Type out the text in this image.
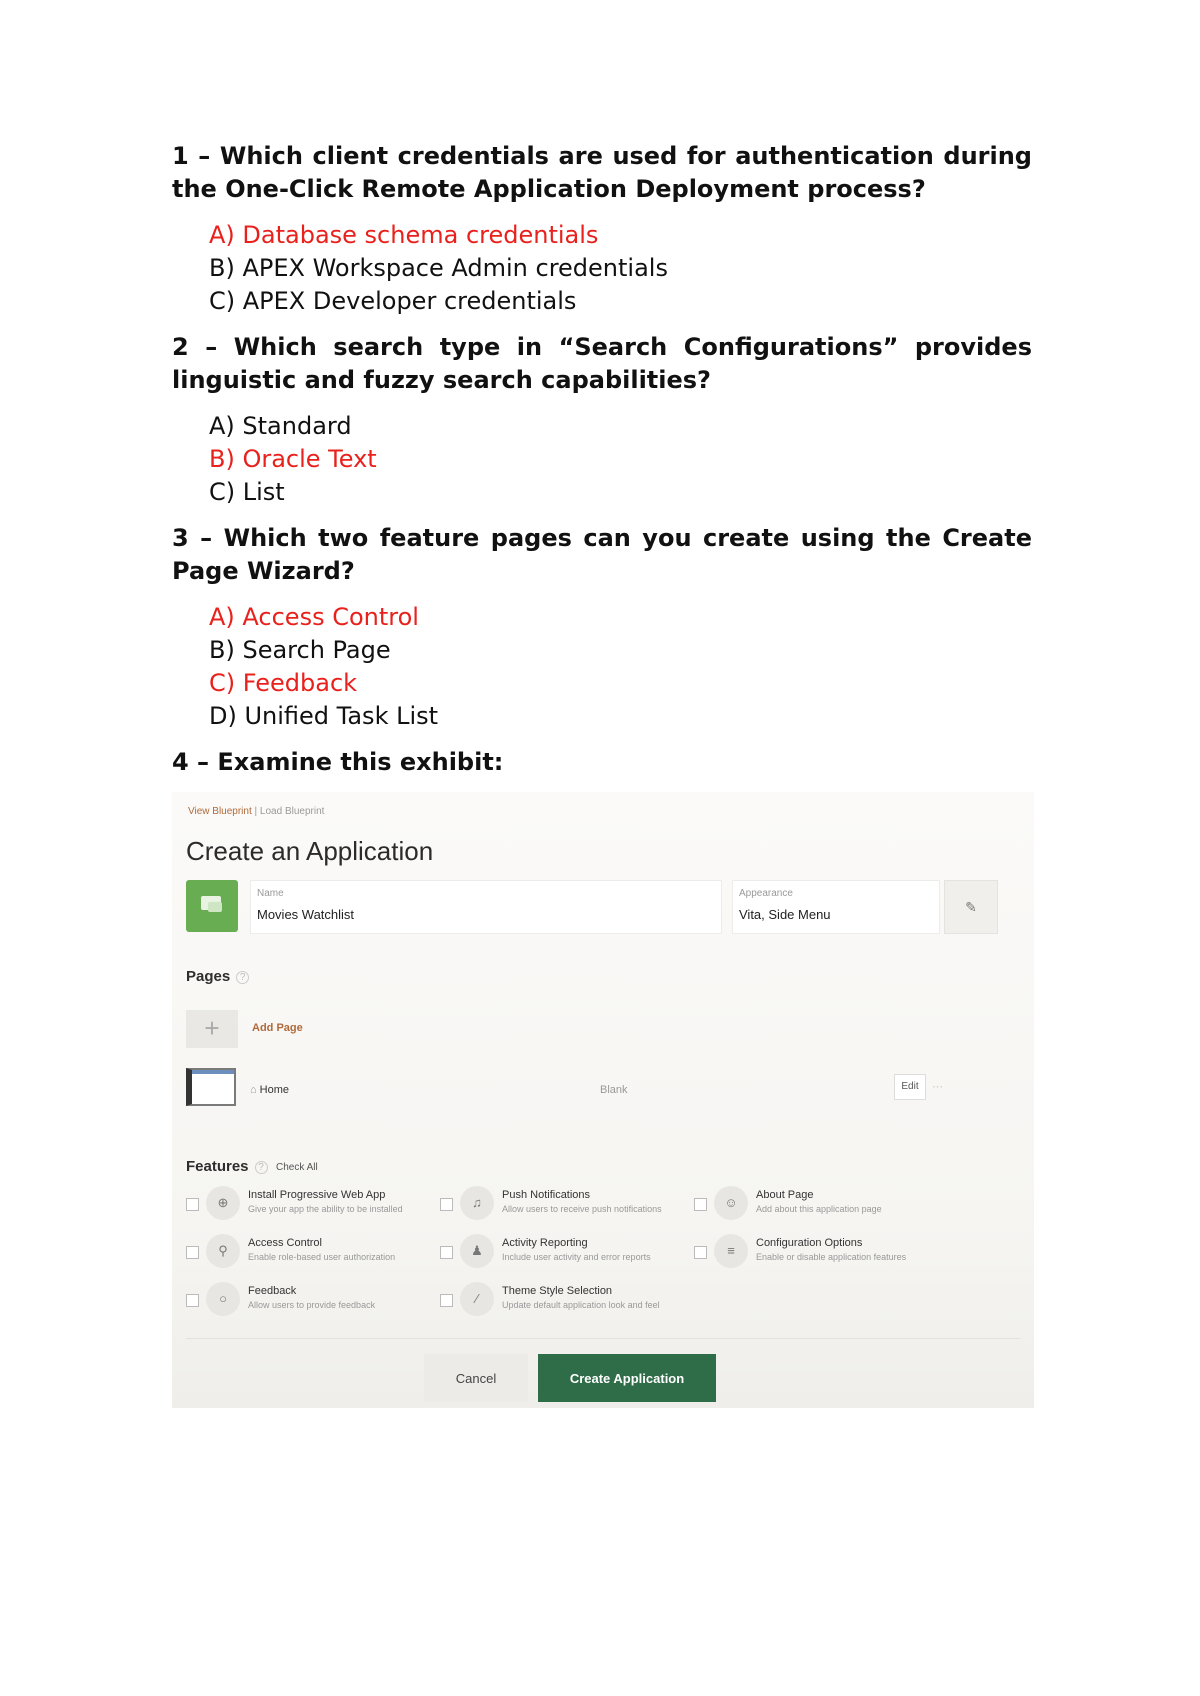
1 – Which client credentials are used for authentication during the One-Click Remote Application Deployment process?

A) Database schema credentials
B) APEX Workspace Admin credentials
C) APEX Developer credentials

2 – Which search type in “Search Configurations” provides linguistic and fuzzy search capabilities?

A) Standard
B) Oracle Text
C) List

3 – Which two feature pages can you create using the Create Page Wizard?

A) Access Control
B) Search Page
C) Feedback
D) Unified Task List

4 – Examine this exhibit:

View Blueprint | Load Blueprint
Create an Application
Name
Movies Watchlist
Appearance
Vita, Side Menu	✎
Pages ?
+	Add Page
⌂ Home	Blank	Edit	⋯
Features ?	Check All
⊕	Install Progressive Web App
Give your app the ability to be installed	♫	Push Notifications
Allow users to receive push notifications	☺	About Page
Add about this application page
⚲	Access Control
Enable role-based user authorization	♟	Activity Reporting
Include user activity and error reports	≡	Configuration Options
Enable or disable application features
○	Feedback
Allow users to provide feedback	⁄	Theme Style Selection
Update default application look and feel
Cancel	Create Application
